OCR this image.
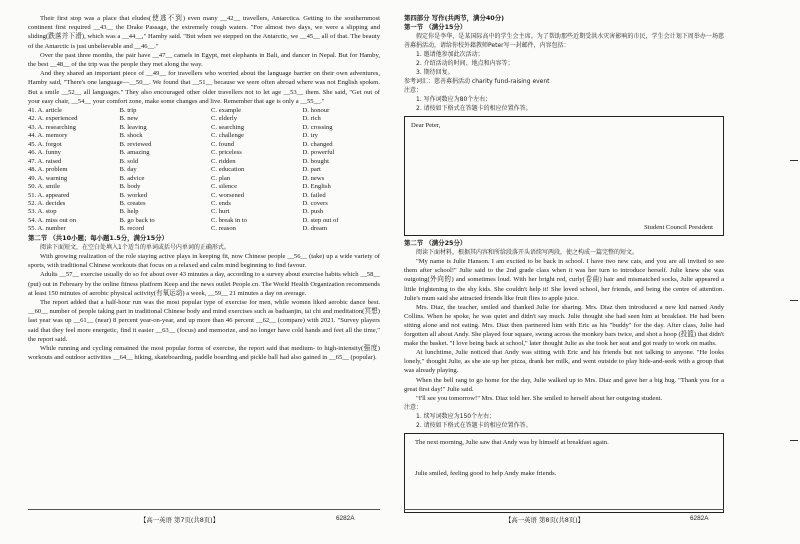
Their first stop was a place that eludes(使逃不到) even many __42__ travellers, Antarctica. Getting to the southernmost continent first required __43__ the Drake Passage, the extremely rough waters. "For almost two days, we were a slipping and sliding(跌落并下滑), which was a __44__," Hamby said. "But when we stepped on the Antarctic, we __45__ all of that. The beauty of the Antarctic is just unbelievable and __46__."

Over the past three months, the pair have __47__ camels in Egypt, met elephants in Bali, and dancer in Nepal. But for Hamby, the best __48__ of the trip was the people they met along the way.

And they shared an important piece of __49__ for travellers who worried about the language barrier on their own adventures, Hamby said, "There's one language—__50__. We found that __51__ because we were often abroad where was not English spoken. But a smile __52__ all languages." They also encouraged other older travellers not to let age __53__ them. She said, "Get out of your easy chair, __54__ your comfort zone, make some changes and live. Remember that age is only a __55__."

41. A. article	B. trip	C. example	D. honour
42. A. experienced	B. new	C. elderly	D. rich
43. A. researching	B. leaving	C. searching	D. crossing
44. A. memory	B. shock	C. challenge	D. try
45. A. forgot	B. reviewed	C. found	D. changed
46. A. funny	B. amazing	C. priceless	D. powerful
47. A. raised	B. sold	C. ridden	D. bought
48. A. problem	B. day	C. education	D. part
49. A. warning	B. advice	C. plan	D. news
50. A. smile	B. body	C. silence	D. English
51. A. appeared	B. worked	C. worsened	D. failed
52. A. decides	B. creates	C. ends	D. covers
53. A. stop	B. help	C. hurt	D. push
54. A. miss out on	B. go back to	C. break in to	D. step out of
55. A. number	B. record	C. reason	D. dream
第二节 （共10小题；每小题1.5分，满分15分）
阅读下面短文，在空白处填入1个适当的单词或括号内单词的正确形式。

With growing realization of the role staying active plays in keeping fit, now Chinese people __56__ (take) up a wide variety of sports, with traditional Chinese workouts that focus on a relaxed and calm mind beginning to find favour.

Adults __57__ exercise usually do so for about over 43 minutes a day, according to a survey about exercise habits which __58__ (put) out in February by the online fitness platform Keep and the news outlet People.cn. The World Health Organization recommends at least 150 minutes of aerobic physical activity(有氧运动) a week, __59__ 21 minutes a day on average.

The report added that a half-hour run was the most popular type of exercise for men, while women liked aerobic dance best. __60__ number of people taking part in traditional Chinese body and mind exercises such as baduanjin, tai chi and meditation(冥想) last year was up __61__ (near) 8 percent year-on-year, and up more than 46 percent __62__ (compare) with 2021. "Survey players said that they feel more energetic, find it easier __63__ (focus) and memorize, and no longer have cold hands and feet all the time," the report said.

While running and cycling remained the most popular forms of exercise, the report said that medium- to high-intensity(强度) workouts and outdoor activities __64__ hiking, skateboarding, paddle boarding and pickle ball had also gained in __65__ (popular).

【高一英语 第7页(共8页)】	6282A
第四部分 写作(共两节，满分40分)
第一节 （满分15分）
假定你是李华，是某国际高中的学生会主席。为了帮助那些近期受洪水灾害影响的市民，学生会计划下周举办一场慈善募捐活动，请给你校外籍教师Peter写一封邮件，内容包括：
1. 邀请他参加此次活动；
2. 介绍活动的时间、地点和内容等；
3. 期待回复。
参考词汇：慈善募捐活动 charity fund-raising event
注意：
1. 写作词数应为80个左右；
2. 请按如下格式在答题卡的相应位置作答。
Dear Peter,
Student Council President
第二节 （满分25分）
阅读下面材料，根据其内容和所给段落开头语续写两段，使之构成一篇完整的短文。

"My name is Julie Hanson. I am excited to be back in school. I have two new cats, and you are all invited to see them after school!" Julie said to the 2nd grade class when it was her turn to introduce herself. Julie knew she was outgoing(外向的) and sometimes loud. With her bright red, curly(卷曲) hair and mismatched socks, Julie appeared a little frightening to the shy kids. She couldn't help it! She loved school, her friends, and being the centre of attention. Julie's mum said she attracted friends like fruit flies to apple juice.

Mrs. Diaz, the teacher, smiled and thanked Julie for sharing. Mrs. Diaz then introduced a new kid named Andy Collins. When he spoke, he was quiet and didn't say much. Julie thought she had seen him at breakfast. He had been sitting alone and not eating. Mrs. Diaz then partnered him with Eric as his "buddy" for the day. After class, Julie had forgotten all about Andy. She played four square, swung across the monkey bars twice, and shot a hoop (投篮) that didn't make the basket. "I love being back at school," later thought Julie as she took her seat and got ready to work on maths.

At lunchtime, Julie noticed that Andy was sitting with Eric and his friends but not talking to anyone. "He looks lonely," thought Julie, as she ate up her pizza, drank her milk, and went outside to play hide-and-seek with a group that was already playing.

When the bell rang to go home for the day, Julie walked up to Mrs. Diaz and gave her a big hug. "Thank you for a great first day!" Julie said.

"I'll see you tomorrow!" Mrs. Diaz told her. She smiled to herself about her outgoing student.

注意：
1. 续写词数应为150个左右；
2. 请按如下格式在答题卡的相应位置作答。
The next morning, Julie saw that Andy was by himself at breakfast again.
Julie smiled, feeling good to help Andy make friends.
【高一英语 第8页(共8页)】	6282A
